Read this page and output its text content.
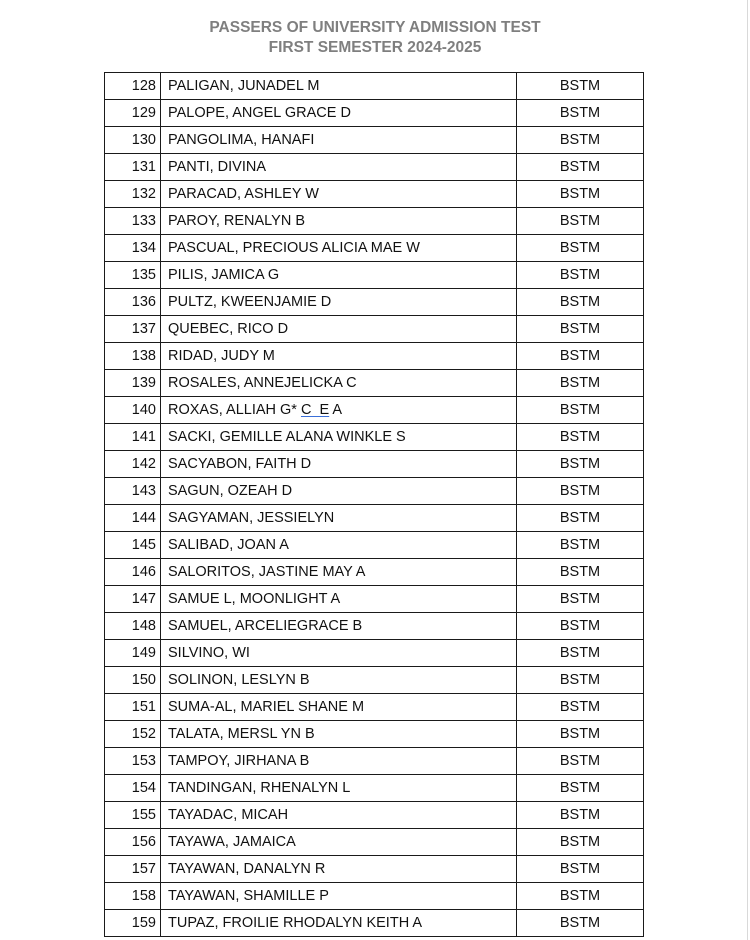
PASSERS OF UNIVERSITY ADMISSION TEST
FIRST SEMESTER 2024-2025
128	PALIGAN, JUNADEL M	BSTM
129	PALOPE, ANGEL GRACE D	BSTM
130	PANGOLIMA, HANAFI	BSTM
131	PANTI, DIVINA	BSTM
132	PARACAD, ASHLEY W	BSTM
133	PAROY, RENALYN B	BSTM
134	PASCUAL, PRECIOUS ALICIA MAE W	BSTM
135	PILIS, JAMICA G	BSTM
136	PULTZ, KWEENJAMIE D	BSTM
137	QUEBEC, RICO D	BSTM
138	RIDAD, JUDY M	BSTM
139	ROSALES, ANNEJELICKA C	BSTM
140	ROXAS, ALLIAH G* C  E A	BSTM
141	SACKI, GEMILLE ALANA WINKLE S	BSTM
142	SACYABON, FAITH D	BSTM
143	SAGUN, OZEAH D	BSTM
144	SAGYAMAN, JESSIELYN	BSTM
145	SALIBAD, JOAN A	BSTM
146	SALORITOS, JASTINE MAY A	BSTM
147	SAMUE L, MOONLIGHT A	BSTM
148	SAMUEL, ARCELIEGRACE B	BSTM
149	SILVINO, WI	BSTM
150	SOLINON, LESLYN B	BSTM
151	SUMA-AL, MARIEL SHANE M	BSTM
152	TALATA, MERSL YN B	BSTM
153	TAMPOY, JIRHANA B	BSTM
154	TANDINGAN, RHENALYN L	BSTM
155	TAYADAC, MICAH	BSTM
156	TAYAWA, JAMAICA	BSTM
157	TAYAWAN, DANALYN R	BSTM
158	TAYAWAN, SHAMILLE P	BSTM
159	TUPAZ, FROILIE RHODALYN KEITH A	BSTM
